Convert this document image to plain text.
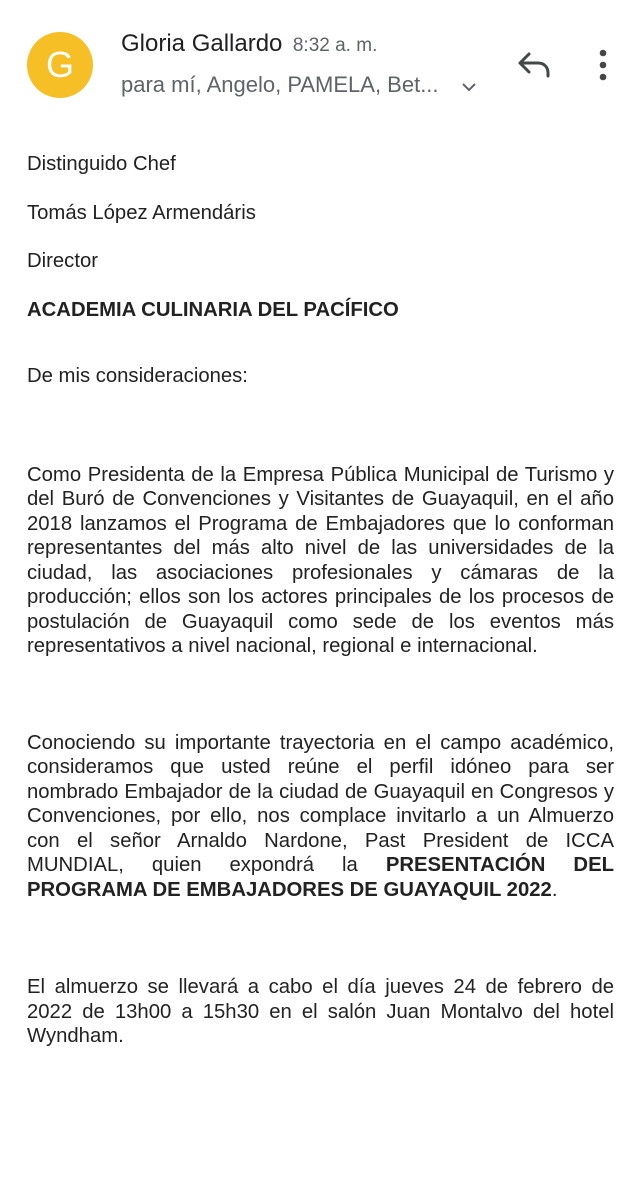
G
Gloria Gallardo 8:32 a. m.
para mí, Angelo, PAMELA, Bet...

Distinguido Chef

Tomás López Armendáris

Director

ACADEMIA CULINARIA DEL PACÍFICO

De mis consideraciones:

Como Presidenta de la Empresa Pública Municipal de Turismo y del Buró de Convenciones y Visitantes de Guayaquil, en el año 2018 lanzamos el Programa de Embajadores que lo conforman representantes del más alto nivel de las universidades de la ciudad, las asociaciones profesionales y cámaras de la producción; ellos son los actores principales de los procesos de postulación de Guayaquil como sede de los eventos más representativos a nivel nacional, regional e internacional.

Conociendo su importante trayectoria en el campo académico, consideramos que usted reúne el perfil idóneo para ser nombrado Embajador de la ciudad de Guayaquil en Congresos y Convenciones, por ello, nos complace invitarlo a un Almuerzo con el señor Arnaldo Nardone, Past President de ICCA MUNDIAL, quien expondrá la PRESENTACIÓN DEL PROGRAMA DE EMBAJADORES DE GUAYAQUIL 2022.

El almuerzo se llevará a cabo el día jueves 24 de febrero de 2022 de 13h00 a 15h30 en el salón Juan Montalvo del hotel Wyndham.
